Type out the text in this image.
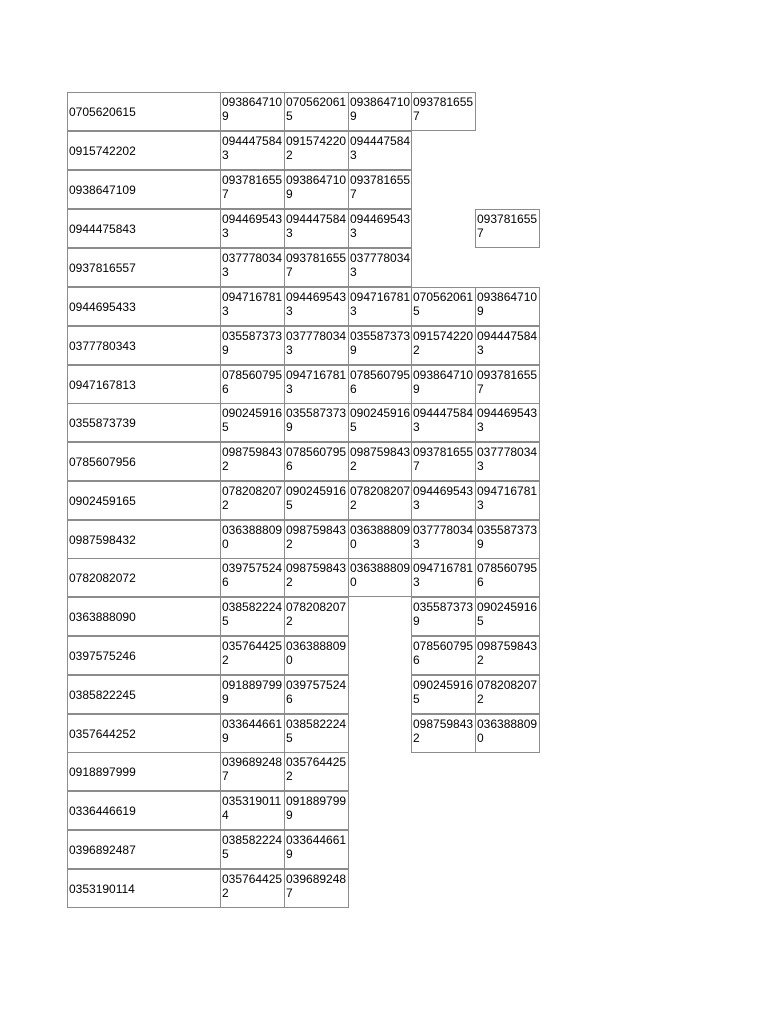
0705620615
0938647109
0705620615
0938647109
0937816557
0915742202
0944475843
0915742202
0944475843
0938647109
0937816557
0938647109
0937816557
0944475843
0944695433
0944475843
0944695433
0937816557
0937816557
0377780343
0937816557
0377780343
0944695433
0947167813
0944695433
0947167813
0705620615
0938647109
0377780343
0355873739
0377780343
0355873739
0915742202
0944475843
0947167813
0785607956
0947167813
0785607956
0938647109
0937816557
0355873739
0902459165
0355873739
0902459165
0944475843
0944695433
0785607956
0987598432
0785607956
0987598432
0937816557
0377780343
0902459165
0782082072
0902459165
0782082072
0944695433
0947167813
0987598432
0363888090
0987598432
0363888090
0377780343
0355873739
0782082072
0397575246
0987598432
0363888090
0947167813
0785607956
0363888090
0385822245
0782082072
0355873739
0902459165
0397575246
0357644252
0363888090
0785607956
0987598432
0385822245
0918897999
0397575246
0902459165
0782082072
0357644252
0336446619
0385822245
0987598432
0363888090
0918897999
0396892487
0357644252
0336446619
0353190114
0918897999
0396892487
0385822245
0336446619
0353190114
0357644252
0396892487
